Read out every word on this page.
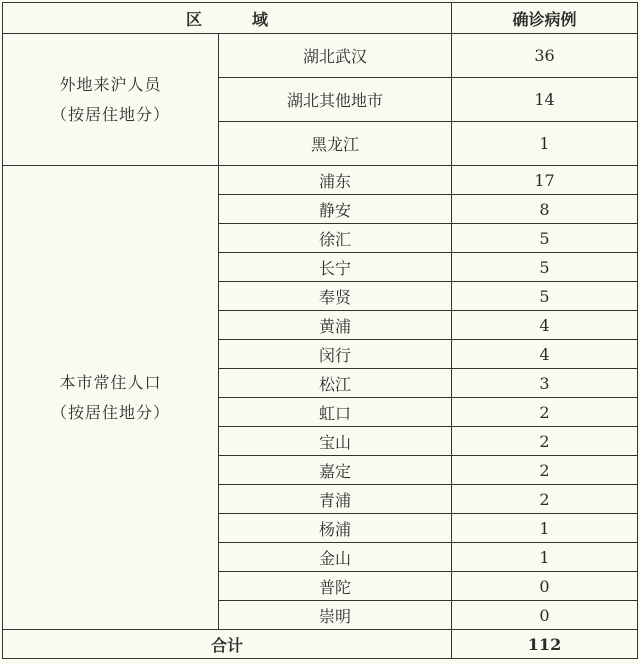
区 域		确诊病例

外地来沪人员
（按居住地分）	湖北武汉	36
	湖北其他地市	14
	黑龙江	1

本市常住人口
（按居住地分）	浦东	17
	静安	8
	徐汇	5
	长宁	5
	奉贤	5
	黄浦	4
	闵行	4
	松江	3
	虹口	2
	宝山	2
	嘉定	2
	青浦	2
	杨浦	1
	金山	1
	普陀	0
	崇明	0
合计		112
